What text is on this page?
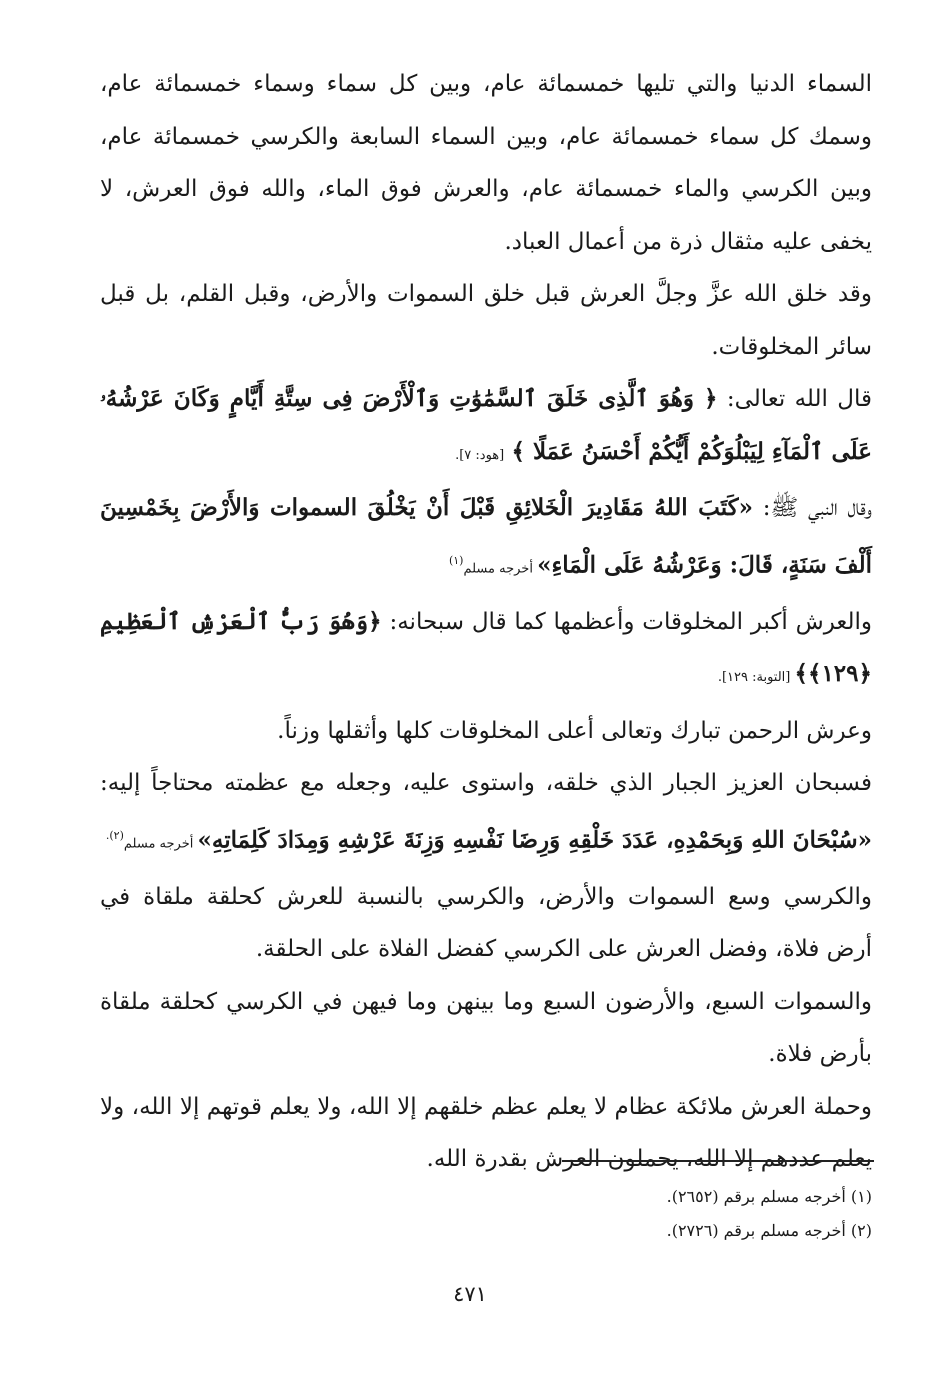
السماء الدنيا والتي تليها خمسمائة عام، وبين كل سماء وسماء خمسمائة عام، وسمك كل سماء خمسمائة عام، وبين السماء السابعة والكرسي خمسمائة عام، وبين الكرسي والماء خمسمائة عام، والعرش فوق الماء، والله فوق العرش، لا يخفى عليه مثقال ذرة من أعمال العباد.

وقد خلق الله عزَّ وجلَّ العرش قبل خلق السموات والأرض، وقبل القلم، بل قبل سائر المخلوقات.

قال الله تعالى: ﴿ وَهُوَ ٱلَّذِى خَلَقَ ٱلسَّمَٰوَٰتِ وَٱلْأَرْضَ فِى سِتَّةِ أَيَّامٍ وَكَانَ عَرْشُهُۥ عَلَى ٱلْمَآءِ لِيَبْلُوَكُمْ أَيُّكُمْ أَحْسَنُ عَمَلًا ﴾ [هود: ٧].

وقال النبي ﷺ: «كَتَبَ اللهُ مَقَادِيرَ الْخَلائِقِ قَبْلَ أَنْ يَخْلُقَ السموات وَالأَرْضَ بِخَمْسِينَ أَلْفَ سَنَةٍ، قَالَ: وَعَرْشُهُ عَلَى الْمَاءِ» أخرجه مسلم$^{(١)}$

والعرش أكبر المخلوقات وأعظمها كما قال سبحانه: ﴿وَهُوَ رَبُّ ٱلْعَرْشِ ٱلْعَظِيمِ ﴿١٢٩﴾﴾ [التوبة: ١٢٩].

وعرش الرحمن تبارك وتعالى أعلى المخلوقات كلها وأثقلها وزناً.

فسبحان العزيز الجبار الذي خلقه، واستوى عليه، وجعله مع عظمته محتاجاً إليه: «سُبْحَانَ اللهِ وَبِحَمْدِهِ، عَدَدَ خَلْقِهِ وَرِضَا نَفْسِهِ وَزِنَةَ عَرْشِهِ وَمِدَادَ كَلِمَاتِهِ» أخرجه مسلم$^{(٢).}$

والكرسي وسع السموات والأرض، والكرسي بالنسبة للعرش كحلقة ملقاة في أرض فلاة، وفضل العرش على الكرسي كفضل الفلاة على الحلقة.

والسموات السبع، والأرضون السبع وما بينهن وما فيهن في الكرسي كحلقة ملقاة بأرض فلاة.

وحملة العرش ملائكة عظام لا يعلم عظم خلقهم إلا الله، ولا يعلم قوتهم إلا الله، ولا يعلم عددهم إلا الله، يحملون العرش بقدرة الله.

(١) أخرجه مسلم برقم (٢٦٥٢).
(٢) أخرجه مسلم برقم (٢٧٢٦).
٤٧١
